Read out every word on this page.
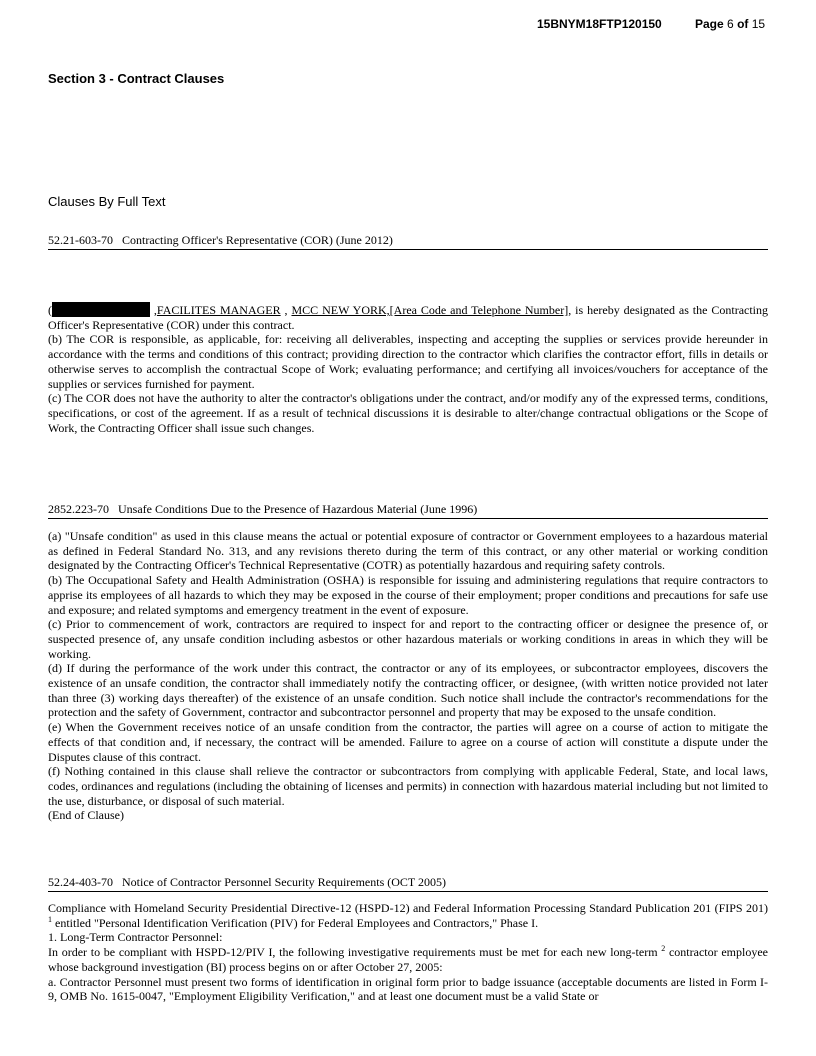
15BNYM18FTP120150	Page 6 of 15
Section 3 - Contract Clauses
Clauses By Full Text
52.21-603-70   Contracting Officer's Representative (COR) (June 2012)

(	,FACILITES MANAGER , MCC NEW YORK,[Area Code and Telephone Number], is hereby designated as the Contracting Officer's Representative (COR) under this contract.

(b) The COR is responsible, as applicable, for: receiving all deliverables, inspecting and accepting the supplies or services provide hereunder in accordance with the terms and conditions of this contract; providing direction to the contractor which clarifies the contractor effort, fills in details or otherwise serves to accomplish the contractual Scope of Work; evaluating performance; and certifying all invoices/vouchers for acceptance of the supplies or services furnished for payment.

(c) The COR does not have the authority to alter the contractor's obligations under the contract, and/or modify any of the expressed terms, conditions, specifications, or cost of the agreement. If as a result of technical discussions it is desirable to alter/change contractual obligations or the Scope of Work, the Contracting Officer shall issue such changes.

2852.223-70   Unsafe Conditions Due to the Presence of Hazardous Material (June 1996)

(a) "Unsafe condition" as used in this clause means the actual or potential exposure of contractor or Government employees to a hazardous material as defined in Federal Standard No. 313, and any revisions thereto during the term of this contract, or any other material or working condition designated by the Contracting Officer's Technical Representative (COTR) as potentially hazardous and requiring safety controls.

(b) The Occupational Safety and Health Administration (OSHA) is responsible for issuing and administering regulations that require contractors to apprise its employees of all hazards to which they may be exposed in the course of their employment; proper conditions and precautions for safe use and exposure; and related symptoms and emergency treatment in the event of exposure.

(c) Prior to commencement of work, contractors are required to inspect for and report to the contracting officer or designee the presence of, or suspected presence of, any unsafe condition including asbestos or other hazardous materials or working conditions in areas in which they will be working.

(d) If during the performance of the work under this contract, the contractor or any of its employees, or subcontractor employees, discovers the existence of an unsafe condition, the contractor shall immediately notify the contracting officer, or designee, (with written notice provided not later than three (3) working days thereafter) of the existence of an unsafe condition. Such notice shall include the contractor's recommendations for the protection and the safety of Government, contractor and subcontractor personnel and property that may be exposed to the unsafe condition.

(e) When the Government receives notice of an unsafe condition from the contractor, the parties will agree on a course of action to mitigate the effects of that condition and, if necessary, the contract will be amended. Failure to agree on a course of action will constitute a dispute under the Disputes clause of this contract.

(f) Nothing contained in this clause shall relieve the contractor or subcontractors from complying with applicable Federal, State, and local laws, codes, ordinances and regulations (including the obtaining of licenses and permits) in connection with hazardous material including but not limited to the use, disturbance, or disposal of such material.

(End of Clause)

52.24-403-70   Notice of Contractor Personnel Security Requirements (OCT 2005)

Compliance with Homeland Security Presidential Directive-12 (HSPD-12) and Federal Information Processing Standard Publication 201 (FIPS 201) $^1$ entitled "Personal Identification Verification (PIV) for Federal Employees and Contractors," Phase I.

1. Long-Term Contractor Personnel:

In order to be compliant with HSPD-12/PIV I, the following investigative requirements must be met for each new long-term $^2$ contractor employee whose background investigation (BI) process begins on or after October 27, 2005:

a. Contractor Personnel must present two forms of identification in original form prior to badge issuance (acceptable documents are listed in Form I-9, OMB No. 1615-0047, "Employment Eligibility Verification," and at least one document must be a valid State or
